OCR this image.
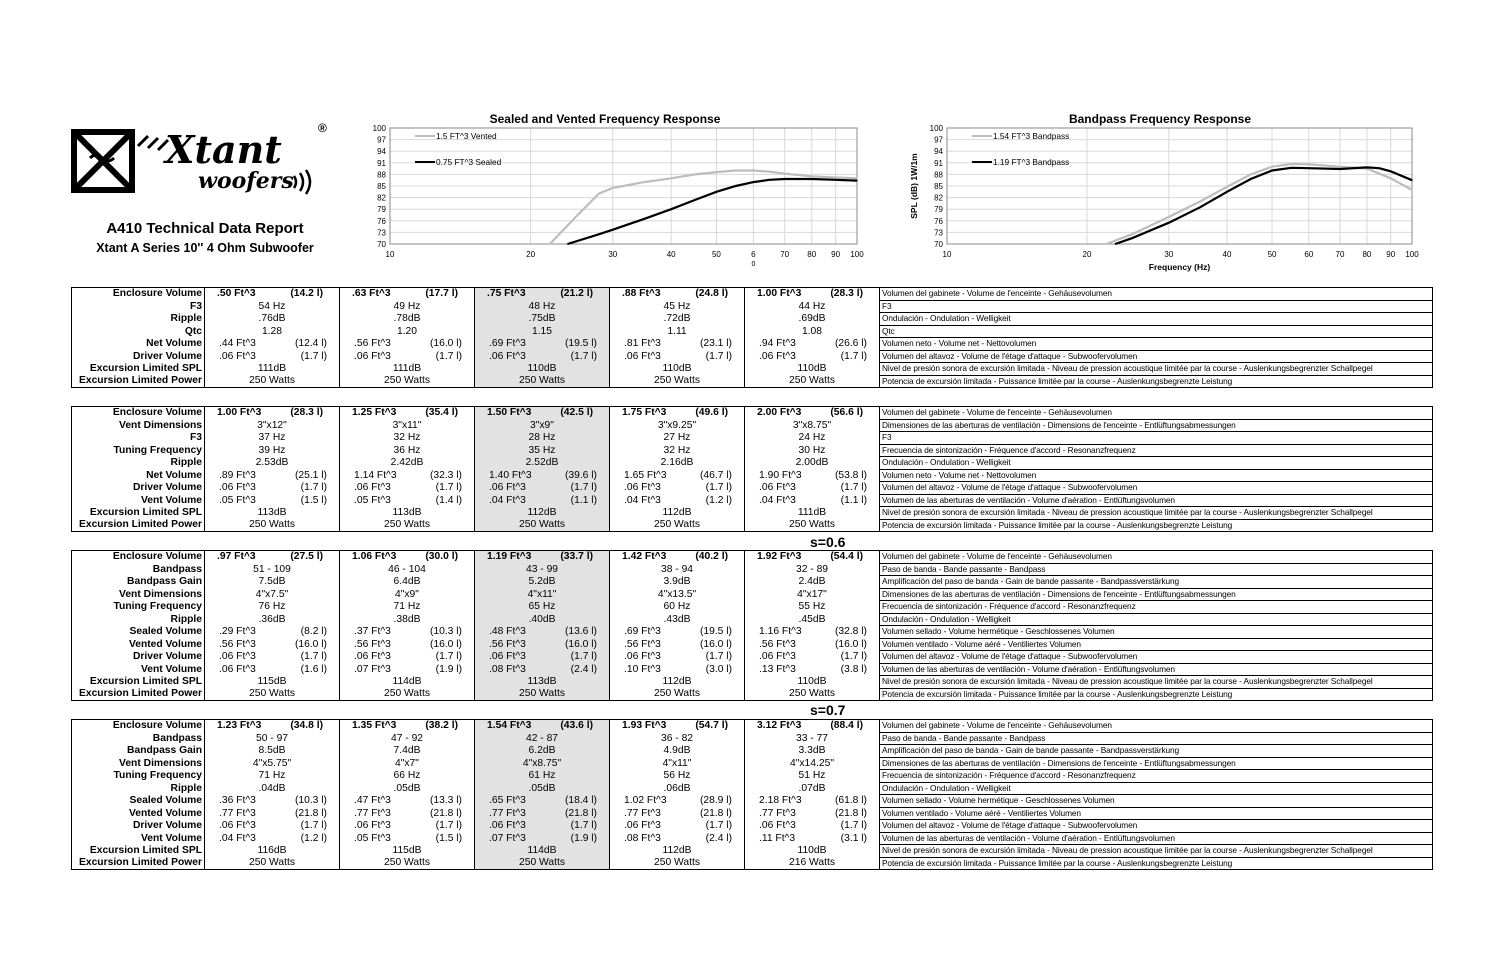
Xtant
woofers
®
A410 Technical Data Report
Xtant A Series 10'' 4 Ohm Subwoofer
Sealed and Vented Frequency Response
70
73
76
79
82
85
88
91
94
97
100
10	20	30	40	50	6
0
70 80 90 100
1.5 FT^3 Vented
0.75 FT^3 Sealed
Bandpass Frequency Response
70
73
76
79
82
85
88
91
94
97
100
10	20	30	40	50	60	70 80 90 100
Frequency (Hz)
SPL (dB) 1W/1m
1.54 FT^3 Bandpass
1.19 FT^3 Bandpass
Enclosure Volume	.50 Ft^3 (14.2 l)	.63 Ft^3 (17.7 l)	.75 Ft^3 (21.2 l)	.88 Ft^3 (24.8 l)	1.00 Ft^3 (28.3 l)	Volumen del gabinete - Volume de l'enceinte - Gehäusevolumen
F3	54 Hz	49 Hz	48 Hz	45 Hz	44 Hz	F3
Ripple	.76dB	.78dB	.75dB	.72dB	.69dB	Ondulación - Ondulation - Welligkeit
Qtc	1.28	1.20	1.15	1.11	1.08	Qtc
Net Volume	.44 Ft^3 (12.4 l)	.56 Ft^3 (16.0 l)	.69 Ft^3 (19.5 l)	.81 Ft^3 (23.1 l)	.94 Ft^3 (26.6 l)	Volumen neto - Volume net - Nettovolumen
Driver Volume	.06 Ft^3 (1.7 l)	.06 Ft^3 (1.7 l)	.06 Ft^3 (1.7 l)	.06 Ft^3 (1.7 l)	.06 Ft^3 (1.7 l)	Volumen del altavoz - Volume de l'étage d'attaque - Subwoofervolumen
Excursion Limited SPL	111dB	111dB	110dB	110dB	110dB	Nivel de presión sonora de excursión limitada - Niveau de pression acoustique limitée par la course - Auslenkungsbegrenzter Schallpegel
Excursion Limited Power	250 Watts	250 Watts	250 Watts	250 Watts	250 Watts	Potencia de excursión limitada - Puissance limitée par la course - Auslenkungsbegrenzte Leistung
Enclosure Volume	1.00 Ft^3 (28.3 l)	1.25 Ft^3 (35.4 l)	1.50 Ft^3 (42.5 l)	1.75 Ft^3 (49.6 l)	2.00 Ft^3 (56.6 l)	Volumen del gabinete - Volume de l'enceinte - Gehäusevolumen
Vent Dimensions	3"x12"	3"x11"	3"x9"	3"x9.25"	3"x8.75"	Dimensiones de las aberturas de ventilación - Dimensions de l'enceinte - Entlüftungsabmessungen
F3	37 Hz	32 Hz	28 Hz	27 Hz	24 Hz	F3
Tuning Frequency	39 Hz	36 Hz	35 Hz	32 Hz	30 Hz	Frecuencia de sintonización - Fréquence d'accord - Resonanzfrequenz
Ripple	2.53dB	2.42dB	2.52dB	2.16dB	2.00dB	Ondulación - Ondulation - Welligkeit
Net Volume	.89 Ft^3 (25.1 l)	1.14 Ft^3 (32.3 l)	1.40 Ft^3 (39.6 l)	1.65 Ft^3 (46.7 l)	1.90 Ft^3 (53.8 l)	Volumen neto - Volume net - Nettovolumen
Driver Volume	.06 Ft^3 (1.7 l)	.06 Ft^3 (1.7 l)	.06 Ft^3 (1.7 l)	.06 Ft^3 (1.7 l)	.06 Ft^3 (1.7 l)	Volumen del altavoz - Volume de l'étage d'attaque - Subwoofervolumen
Vent Volume	.05 Ft^3 (1.5 l)	.05 Ft^3 (1.4 l)	.04 Ft^3 (1.1 l)	.04 Ft^3 (1.2 l)	.04 Ft^3 (1.1 l)	Volumen de las aberturas de ventilación - Volume d'aération - Entlüftungsvolumen
Excursion Limited SPL	113dB	113dB	112dB	112dB	111dB	Nivel de presión sonora de excursión limitada - Niveau de pression acoustique limitée par la course - Auslenkungsbegrenzter Schallpegel
Excursion Limited Power	250 Watts	250 Watts	250 Watts	250 Watts	250 Watts	Potencia de excursión limitada - Puissance limitée par la course - Auslenkungsbegrenzte Leistung
s=0.6
Enclosure Volume	.97 Ft^3 (27.5 l)	1.06 Ft^3 (30.0 l)	1.19 Ft^3 (33.7 l)	1.42 Ft^3 (40.2 l)	1.92 Ft^3 (54.4 l)	Volumen del gabinete - Volume de l'enceinte - Gehäusevolumen
Bandpass	51 - 109	46 - 104	43 - 99	38 - 94	32 - 89	Paso de banda - Bande passante - Bandpass
Bandpass Gain	7.5dB	6.4dB	5.2dB	3.9dB	2.4dB	Amplificación del paso de banda - Gain de bande passante - Bandpassverstärkung
Vent Dimensions	4"x7.5"	4"x9"	4"x11"	4"x13.5"	4"x17"	Dimensiones de las aberturas de ventilación - Dimensions de l'enceinte - Entlüftungsabmessungen
Tuning Frequency	76 Hz	71 Hz	65 Hz	60 Hz	55 Hz	Frecuencia de sintonización - Fréquence d'accord - Resonanzfrequenz
Ripple	.36dB	.38dB	.40dB	.43dB	.45dB	Ondulación - Ondulation - Welligkeit
Sealed Volume	.29 Ft^3 (8.2 l)	.37 Ft^3 (10.3 l)	.48 Ft^3 (13.6 l)	.69 Ft^3 (19.5 l)	1.16 Ft^3 (32.8 l)	Volumen sellado - Volume hermétique - Geschlossenes Volumen
Vented Volume	.56 Ft^3 (16.0 l)	.56 Ft^3 (16.0 l)	.56 Ft^3 (16.0 l)	.56 Ft^3 (16.0 l)	.56 Ft^3 (16.0 l)	Volumen ventilado - Volume aéré - Ventiliertes Volumen
Driver Volume	.06 Ft^3 (1.7 l)	.06 Ft^3 (1.7 l)	.06 Ft^3 (1.7 l)	.06 Ft^3 (1.7 l)	.06 Ft^3 (1.7 l)	Volumen del altavoz - Volume de l'étage d'attaque - Subwoofervolumen
Vent Volume	.06 Ft^3 (1.6 l)	.07 Ft^3 (1.9 l)	.08 Ft^3 (2.4 l)	.10 Ft^3 (3.0 l)	.13 Ft^3 (3.8 l)	Volumen de las aberturas de ventilación - Volume d'aération - Entlüftungsvolumen
Excursion Limited SPL	115dB	114dB	113dB	112dB	110dB	Nivel de presión sonora de excursión limitada - Niveau de pression acoustique limitée par la course - Auslenkungsbegrenzter Schallpegel
Excursion Limited Power	250 Watts	250 Watts	250 Watts	250 Watts	250 Watts	Potencia de excursión limitada - Puissance limitée par la course - Auslenkungsbegrenzte Leistung
s=0.7
Enclosure Volume	1.23 Ft^3 (34.8 l)	1.35 Ft^3 (38.2 l)	1.54 Ft^3 (43.6 l)	1.93 Ft^3 (54.7 l)	3.12 Ft^3 (88.4 l)	Volumen del gabinete - Volume de l'enceinte - Gehäusevolumen
Bandpass	50 - 97	47 - 92	42 - 87	36 - 82	33 - 77	Paso de banda - Bande passante - Bandpass
Bandpass Gain	8.5dB	7.4dB	6.2dB	4.9dB	3.3dB	Amplificación del paso de banda - Gain de bande passante - Bandpassverstärkung
Vent Dimensions	4"x5.75"	4"x7"	4"x8.75"	4"x11"	4"x14.25"	Dimensiones de las aberturas de ventilación - Dimensions de l'enceinte - Entlüftungsabmessungen
Tuning Frequency	71 Hz	66 Hz	61 Hz	56 Hz	51 Hz	Frecuencia de sintonización - Fréquence d'accord - Resonanzfrequenz
Ripple	.04dB	.05dB	.05dB	.06dB	.07dB	Ondulación - Ondulation - Welligkeit
Sealed Volume	.36 Ft^3 (10.3 l)	.47 Ft^3 (13.3 l)	.65 Ft^3 (18.4 l)	1.02 Ft^3 (28.9 l)	2.18 Ft^3 (61.8 l)	Volumen sellado - Volume hermétique - Geschlossenes Volumen
Vented Volume	.77 Ft^3 (21.8 l)	.77 Ft^3 (21.8 l)	.77 Ft^3 (21.8 l)	.77 Ft^3 (21.8 l)	.77 Ft^3 (21.8 l)	Volumen ventilado - Volume aéré - Ventiliertes Volumen
Driver Volume	.06 Ft^3 (1.7 l)	.06 Ft^3 (1.7 l)	.06 Ft^3 (1.7 l)	.06 Ft^3 (1.7 l)	.06 Ft^3 (1.7 l)	Volumen del altavoz - Volume de l'étage d'attaque - Subwoofervolumen
Vent Volume	.04 Ft^3 (1.2 l)	.05 Ft^3 (1.5 l)	.07 Ft^3 (1.9 l)	.08 Ft^3 (2.4 l)	.11 Ft^3 (3.1 l)	Volumen de las aberturas de ventilación - Volume d'aération - Entlüftungsvolumen
Excursion Limited SPL	116dB	115dB	114dB	112dB	110dB	Nivel de presión sonora de excursión limitada - Niveau de pression acoustique limitée par la course - Auslenkungsbegrenzter Schallpegel
Excursion Limited Power	250 Watts	250 Watts	250 Watts	250 Watts	216 Watts	Potencia de excursión limitada - Puissance limitée par la course - Auslenkungsbegrenzte Leistung
